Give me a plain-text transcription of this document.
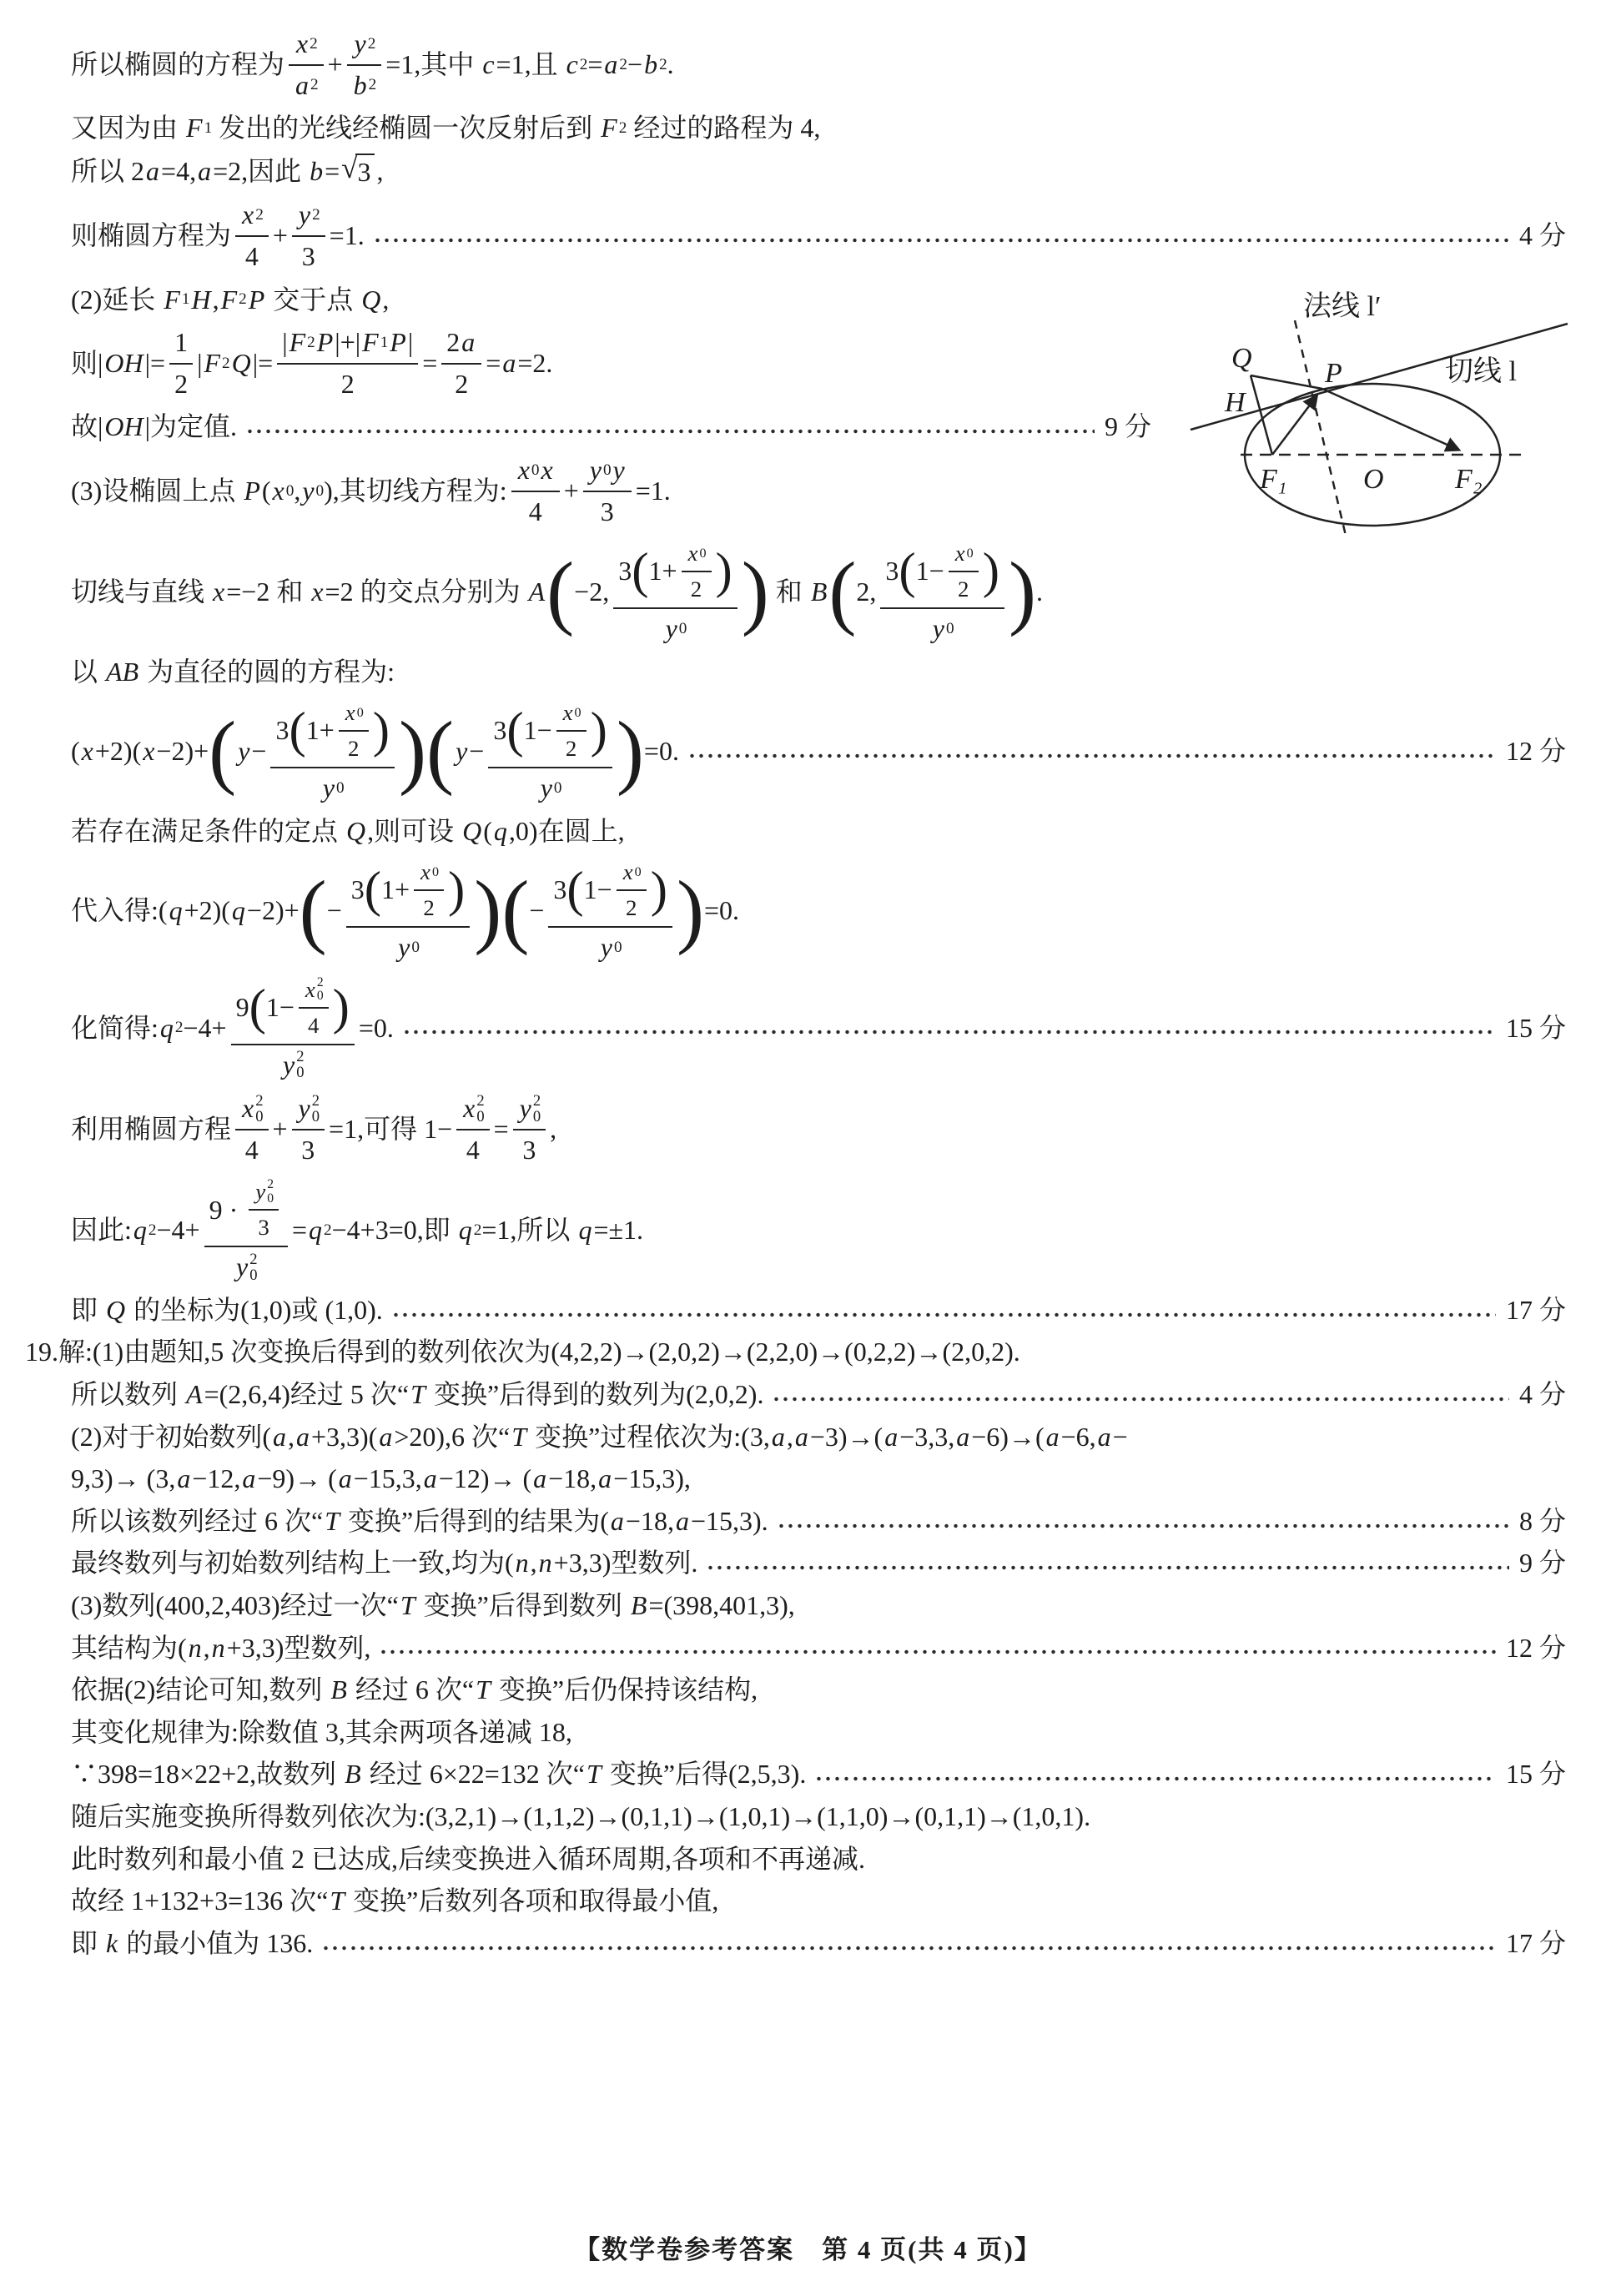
所以椭圆的方程为 $\frac{x 2}{a 2} + \frac{y 2}{b 2} =1$,其中 c =1,且 c 2 = a 2 − b 2 .
又因为由 F 1 发出的光线经椭圆一次反射后到 F 2 经过的路程为 4,
所以 2 a =4, a =2,因此 b = √ 3 ,
则椭圆方程为 $\frac{x 2}{4} + \frac{y 2}{3} =1$.	4 分
(2)延长 F 1 H , F 2 P 交于点 Q ,
则| OH |= $\frac{1}{2}$ | F 2 Q |= $\frac{| F 2 P |+| F 1 P |}{2} = \frac{2 a}{2} = a =2$.
故| OH |为定值.	9 分
(3)设椭圆上点 P ( x 0 , y 0 ),其切线方程为: $\frac{x 0 x}{4} + \frac{y 0 y}{3} =1$.
切线与直线 x =−2 和 x =2 的交点分别为 A ( −2, $\frac{3 ( 1+ \frac{x 0}{2} )}{y 0}$ ) 和 B ( 2, $\frac{3 ( 1- \frac{x 0}{2} )}{y 0}$ ) .
以 AB 为直径的圆的方程为:
( x +2)( x −2)+ ( $y - \frac{3 ( 1+ \frac{x 0}{2} )}{y 0}$ ) ( $y - \frac{3 ( 1- \frac{x 0}{2} )}{y 0}$ ) =0.	12 分
若存在满足条件的定点 Q ,则可设 Q ( q ,0)在圆上,
代入得:( q +2)( q −2)+ ( − $\frac{3 ( 1+ \frac{x 0}{2} )}{y 0}$ ) ( − $\frac{3 ( 1- \frac{x 0}{2} )}{y 0}$ ) =0.
化简得: q 2 −4+ 9 ( 1− x 2
0
4 )
y 2
0 =0.	15 分
利用椭圆方程 x 2
0
4 + y 2
0
3 =1,可得 1− x 2
0
4 = y 2
0
3 ,
因此: q 2 −4+ 9 · y 2
0
3
y 2
0 = q 2 −4+3=0,即 q 2 =1,所以 q =±1.
即 Q 的坐标为(1,0)或 (1,0).	17 分
19.解:(1)由题知,5 次变换后得到的数列依次为(4,2,2)→(2,0,2)→(2,2,0)→(0,2,2)→(2,0,2).
所以数列 A =(2,6,4)经过 5 次“ T 变换”后得到的数列为(2,0,2).	4 分
(2)对于初始数列( a , a +3,3)( a >20),6 次“ T 变换”过程依次为:(3, a , a −3)→( a −3,3, a −6)→( a −6, a −
9,3)→ (3, a −12, a −9)→ ( a −15,3, a −12)→ ( a −18, a −15,3),
所以该数列经过 6 次“ T 变换”后得到的结果为( a −18, a −15,3).	8 分
最终数列与初始数列结构上一致,均为( n , n +3,3)型数列.	9 分
(3)数列(400,2,403)经过一次“ T 变换”后得到数列 B =(398,401,3),
其结构为( n , n +3,3)型数列,	12 分
依据(2)结论可知,数列 B 经过 6 次“ T 变换”后仍保持该结构,
其变化规律为:除数值 3,其余两项各递减 18,
∵398=18×22+2,故数列 B 经过 6×22=132 次“ T 变换”后得(2,5,3).	15 分
随后实施变换所得数列依次为:(3,2,1)→(1,1,2)→(0,1,1)→(1,0,1)→(1,1,0)→(0,1,1)→(1,0,1).
此时数列和最小值 2 已达成,后续变换进入循环周期,各项和不再递减.
故经 1+132+3=136 次“ T 变换”后数列各项和取得最小值,
即 k 的最小值为 136.	17 分
法线 l′
切线 l
Q
H
P
F₁	O	F₂
【数学卷参考答案　第 4 页(共 4 页)】
